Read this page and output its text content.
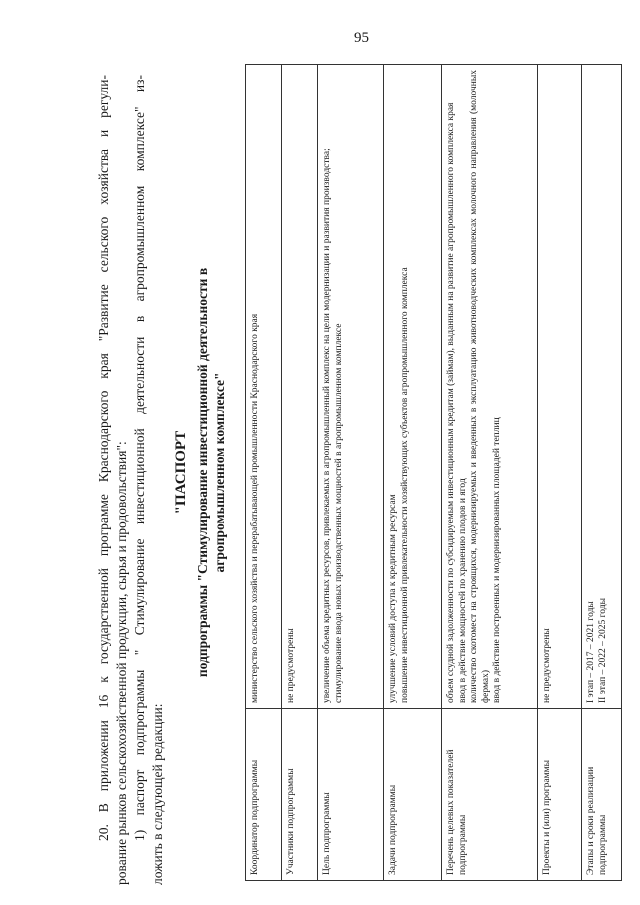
95

20. В приложении 16 к государственной программе Краснодарского края "Развитие сельского хозяйства и регули- рование рынков сельскохозяйственной продукции, сырья и продовольствия": 1) паспорт подпрограммы " Стимулирование инвестиционной деятельности в агропромышленном комплексе" из- ложить в следующей редакции:

"ПАСПОРТ подпрограммы "Стимулирование инвестиционной деятельности в агропромышленном комплексе"
Координатор подпрограммы	министерство сельского хозяйства и перерабатывающей промышленности Краснодарского края

Участники подпрограммы	не предусмотрены

Цель подпрограммы	увеличение объема кредитных ресурсов, привлекаемых в агропромышленный комплекс на цели модернизации и развития производства; стимулирование ввода новых производственных мощностей в агропромышленном комплексе

Задачи подпрограммы	улучшение условий доступа к кредитным ресурсам повышение инвестиционной привлекательности хозяйствующих субъектов агропромышленного комплекса

Перечень целевых показателей подпрограммы	объем ссудной задолженности по субсидируемым инвестиционным кредитам (займам), выданным на развитие агропромышленного комплекса края ввод в действие мощностей по хранению плодов и ягод количество скотомест на строящихся, модернизируемых и введенных в эксплуатацию животноводческих комплексах молочного направления (молочных фермах) ввод в действие построенных и модернизированных площадей теплиц

Проекты и (или) программы	не предусмотрены

Этапы и сроки реализации подпрограммы	I этап – 2017 – 2021 годы II этап – 2022 – 2025 годы
